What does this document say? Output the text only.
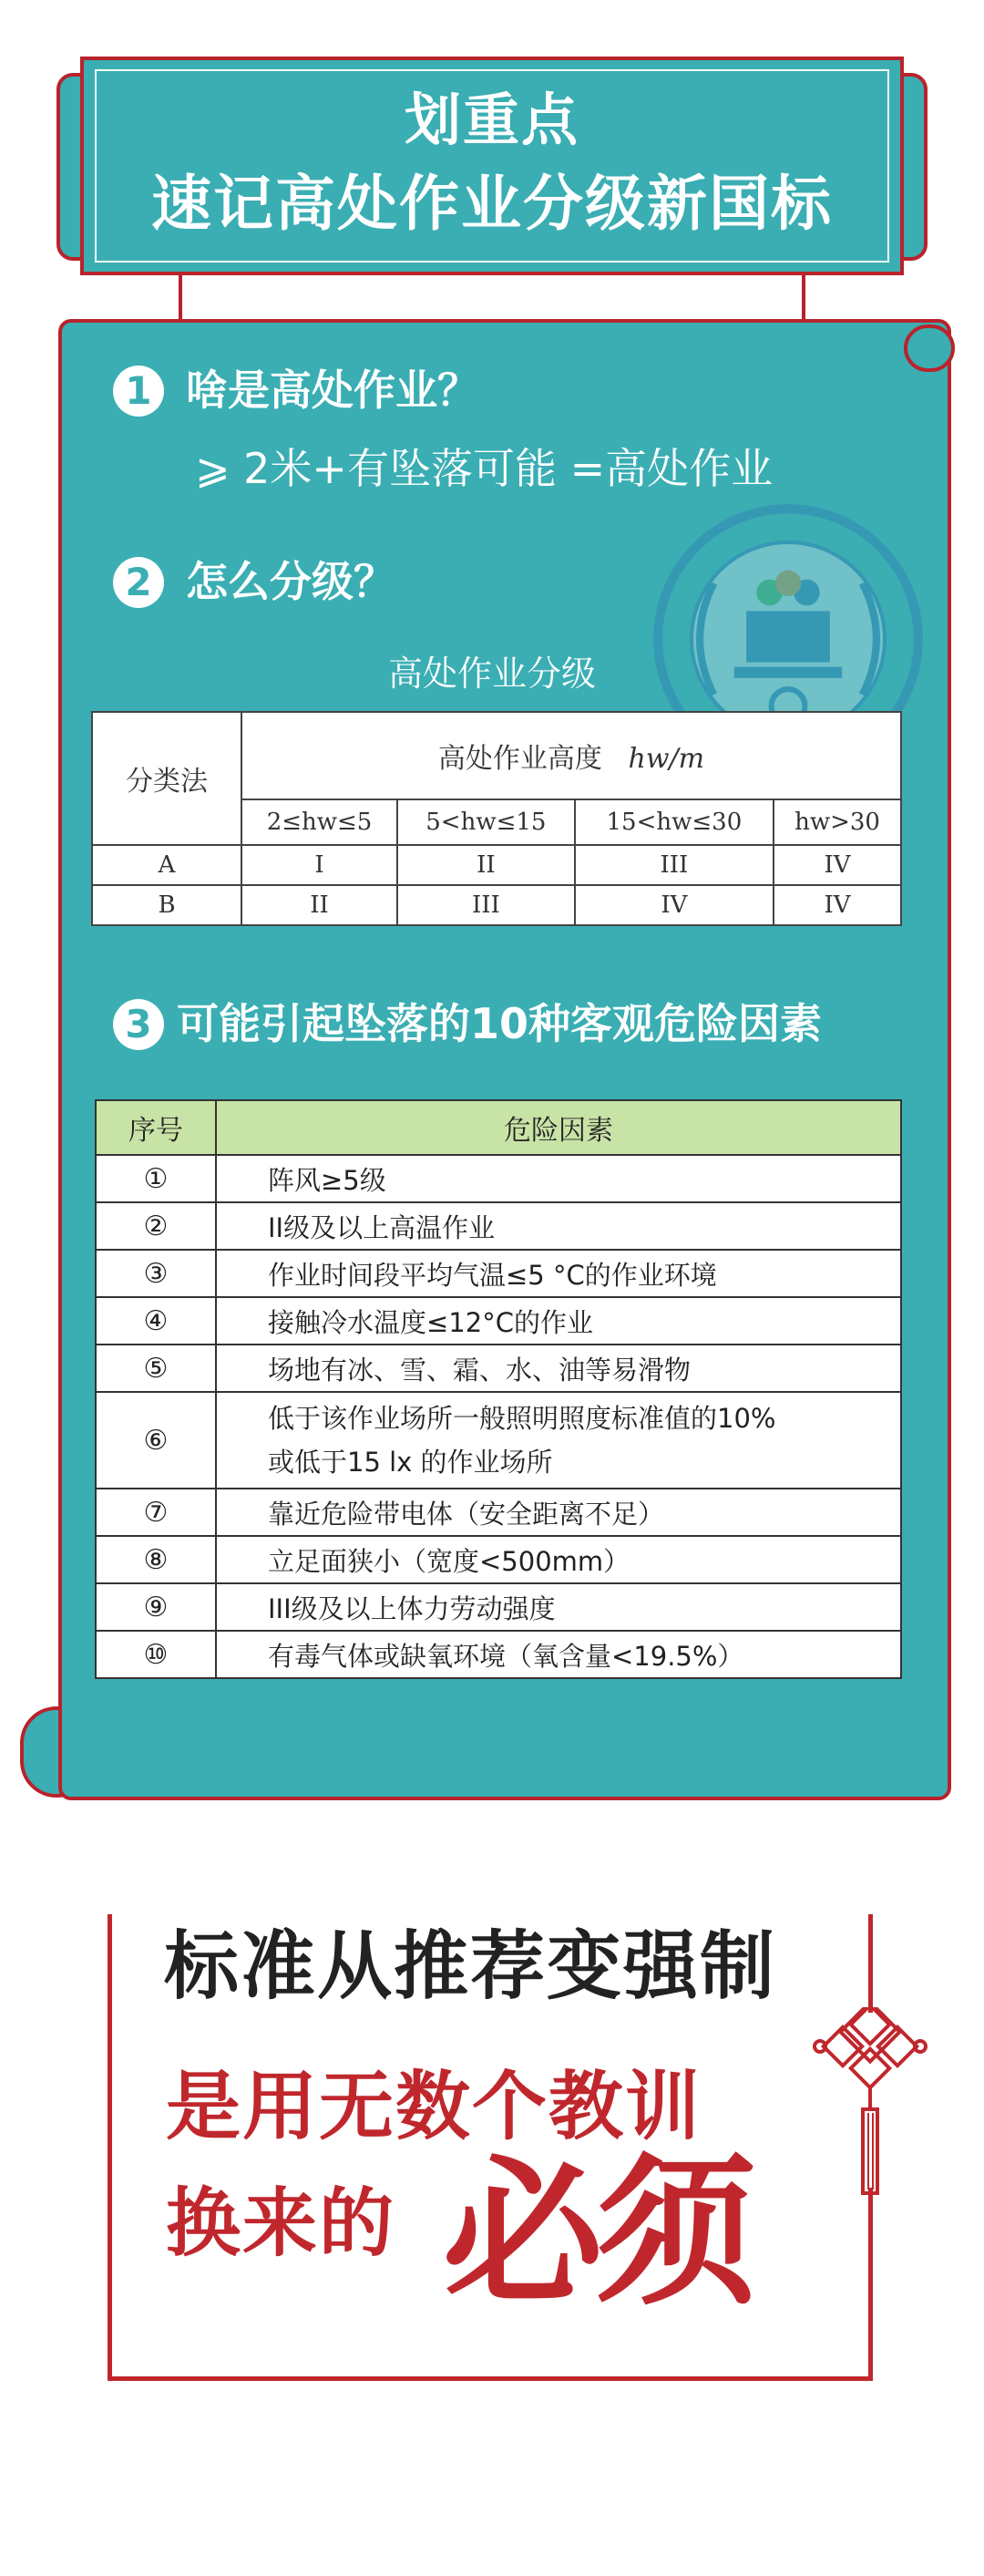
划重点
速记高处作业分级新国标
1 啥是高处作业？
⩾ 2米+有坠落可能 =高处作业
2 怎么分级？
高处作业分级
分类法	高处作业高度 hw/m			
	2≤hw≤5	5<hw≤15	15<hw≤30	hw>30
A	I	II	III	IV
B	II	III	IV	IV
3 可能引起坠落的10种客观危险因素
序号	危险因素
①	阵风≥5级
②	II级及以上高温作业
③	作业时间段平均气温≤5 °C的作业环境
④	接触冷水温度≤12°C的作业
⑤	场地有冰、雪、霜、水、油等易滑物
⑥	低于该作业场所一般照明照度标准值的10%
或低于15 lx 的作业场所

⑦	靠近危险带电体（安全距离不足）
⑧	立足面狭小（宽度<500mm）
⑨	III级及以上体力劳动强度
⑩	有毒气体或缺氧环境（氧含量<19.5%）
标准从推荐变强制
是用无数个教训
换来的 必须
